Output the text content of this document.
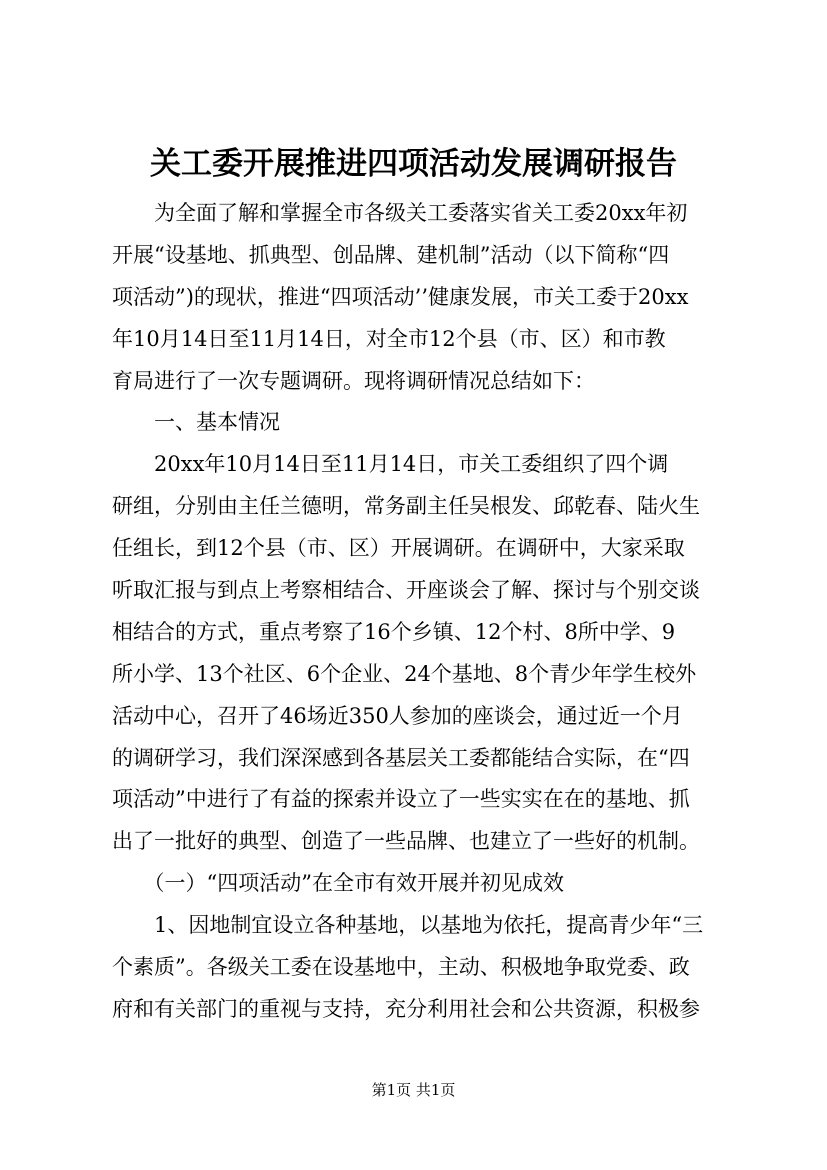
关工委开展推进四项活动发展调研报告
　　为全面了解和掌握全市各级关工委落实省关工委20xx年初
开展“设基地、抓典型、创品牌、建机制”活动（以下简称“四
项活动”)的现状，推进“四项活动’’健康发展，市关工委于20xx
年10月14日至11月14日，对全市12个县（市、区）和市教
育局进行了一次专题调研。现将调研情况总结如下：
　　一、基本情况
　　20xx年10月14日至11月14日，市关工委组织了四个调
研组，分别由主任兰德明，常务副主任吴根发、邱乾春、陆火生
任组长，到12个县（市、区）开展调研。在调研中，大家采取
听取汇报与到点上考察相结合、开座谈会了解、探讨与个别交谈
相结合的方式，重点考察了16个乡镇、12个村、8所中学、9
所小学、13个社区、6个企业、24个基地、8个青少年学生校外
活动中心，召开了46场近350人参加的座谈会，通过近一个月
的调研学习，我们深深感到各基层关工委都能结合实际，在“四
项活动”中进行了有益的探索并设立了一些实实在在的基地、抓
出了一批好的典型、创造了一些品牌、也建立了一些好的机制。
　　（一）“四项活动”在全市有效开展并初见成效
　　1、因地制宜设立各种基地，以基地为依托，提高青少年“三
个素质”。各级关工委在设基地中，主动、积极地争取党委、政
府和有关部门的重视与支持，充分利用社会和公共资源，积极参
第1页 共1页
